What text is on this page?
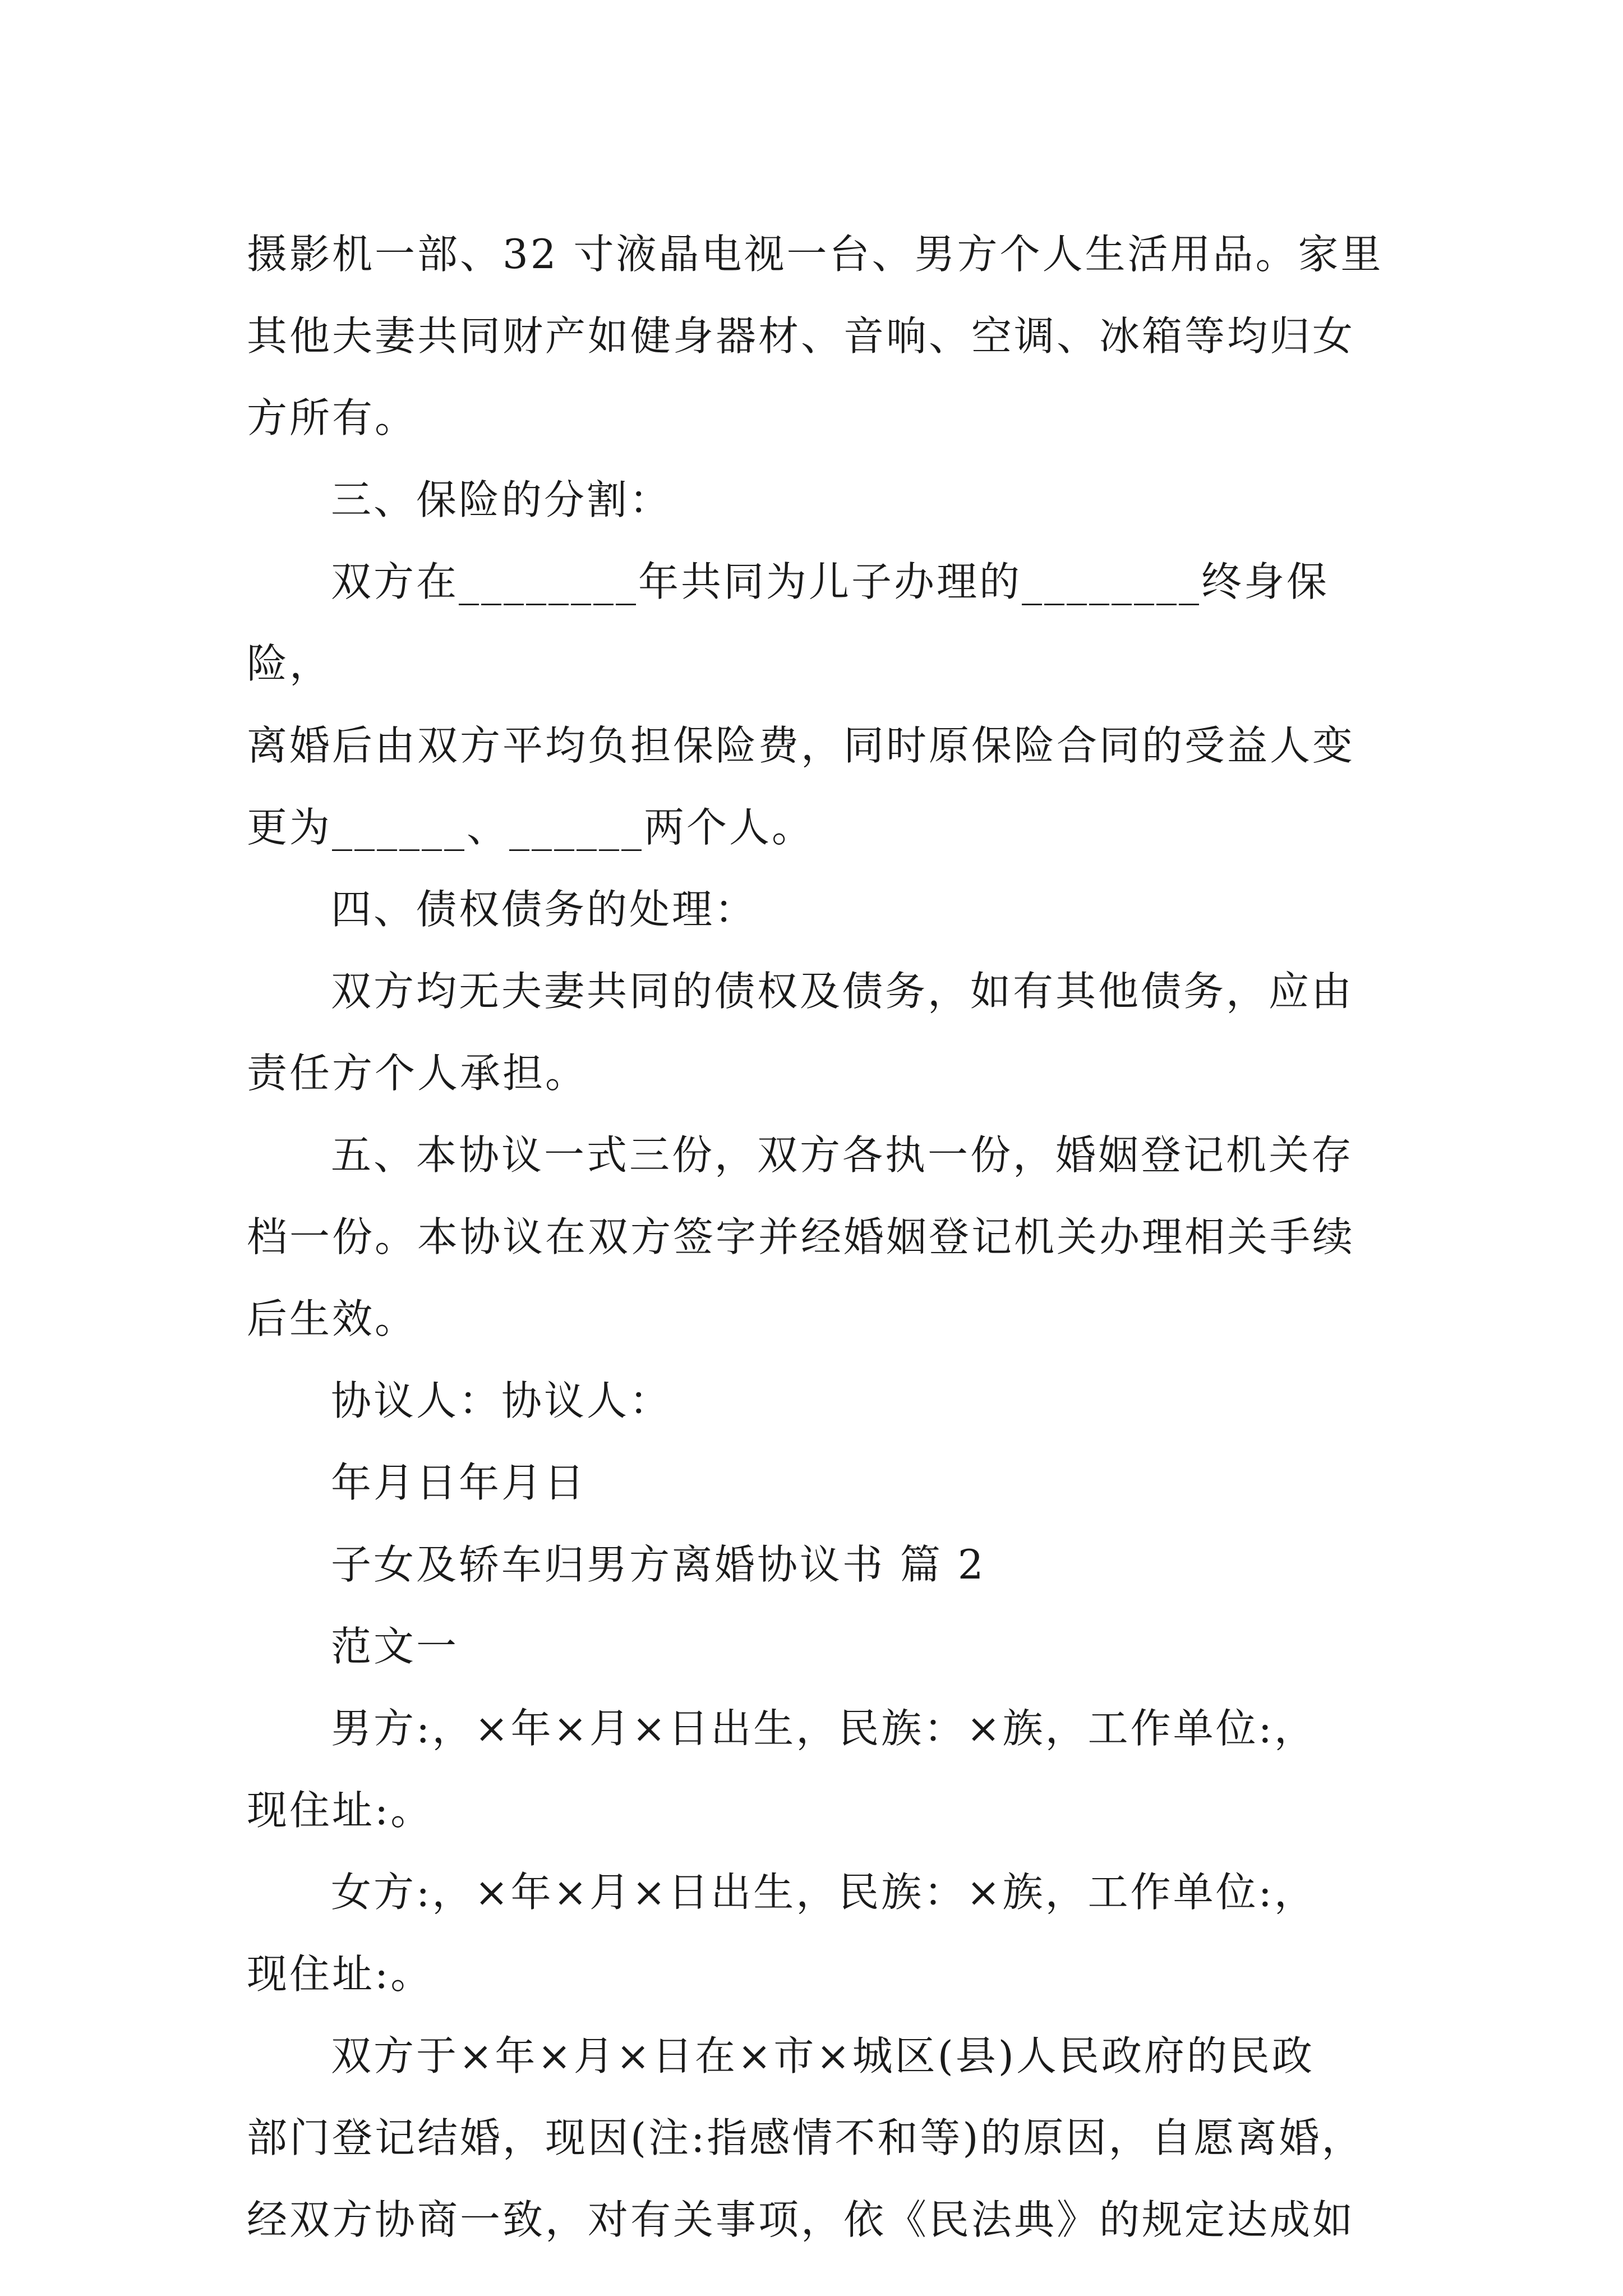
摄影机一部、32 寸液晶电视一台、男方个人生活用品。家里

其他夫妻共同财产如健身器材、音响、空调、冰箱等均归女

方所有。

三、保险的分割：

双方在________年共同为儿子办理的________终身保险，

离婚后由双方平均负担保险费，同时原保险合同的受益人变

更为______、______两个人。

四、债权债务的处理：

双方均无夫妻共同的债权及债务，如有其他债务，应由

责任方个人承担。

五、本协议一式三份，双方各执一份，婚姻登记机关存

档一份。本协议在双方签字并经婚姻登记机关办理相关手续

后生效。

协议人：协议人：

年月日年月日

子女及轿车归男方离婚协议书 篇 2

范文一

男方:，×年×月×日出生，民族：×族，工作单位:，

现住址:。

女方:，×年×月×日出生，民族：×族，工作单位:，

现住址:。

双方于×年×月×日在×市×城区(县)人民政府的民政

部门登记结婚，现因(注:指感情不和等)的原因，自愿离婚，

经双方协商一致，对有关事项，依《民法典》的规定达成如
